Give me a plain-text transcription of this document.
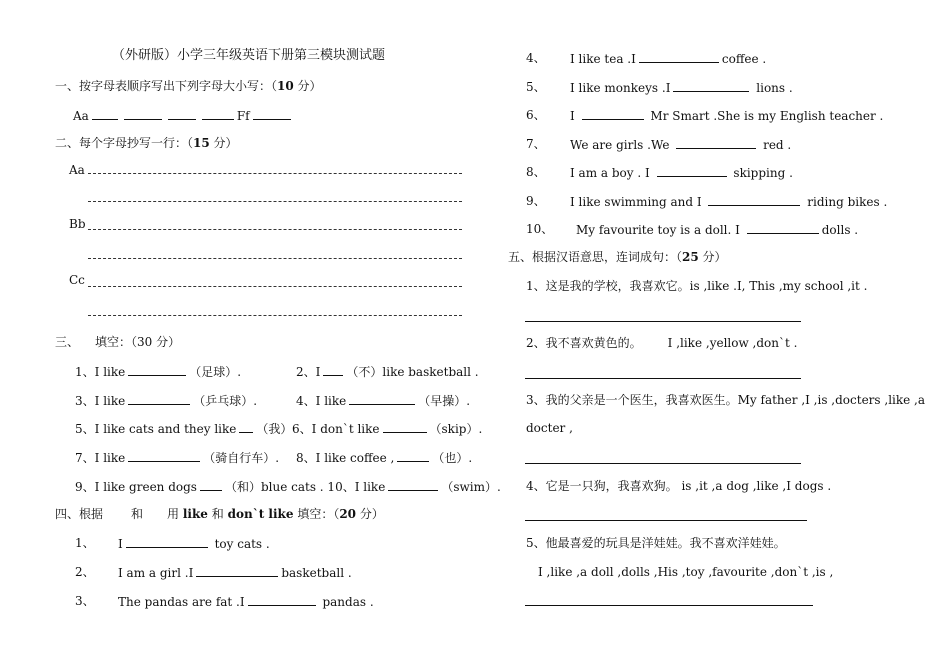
（外研版）小学三年级英语下册第三模块测试题
一、按字母表顺序写出下列字母大小写：（10 分）
Aa	Ff
二、每个字母抄写一行：（15 分）
Aa
Bb
Cc
三、 填空：（30 分）
1、I like	（足球）.	2、I （不）like basketball .
3、I like	（乒乓球）.	4、I like	（早操）.
5、I like cats and they like （我） 6、I don`t like	（skip）.
7、I like	（骑自行车）. 8、I like coffee ,	（也）.
9、I like green dogs （和）blue cats . 10、I like	（swim）.
四、根据 和 用 like 和 don`t like 填空：（20 分）
1、 I	toy cats .
2、 I am a girl .I	basketball .
3、 The pandas are fat .I	pandas .
4、 I like tea .I	coffee .
5、 I like monkeys .I	lions .
6、 I	Mr Smart .She is my English teacher .
7、 We are girls .We	red .
8、 I am a boy . I	skipping .
9、 I like swimming and I	riding bikes .
10、 My favourite toy is a doll. I	dolls .
五、根据汉语意思，连词成句：（25 分）
1、这是我的学校，我喜欢它。is ,like .I, This ,my school ,it .
2、我不喜欢黄色的。 I ,like ,yellow ,don`t .
3、我的父亲是一个医生，我喜欢医生。My father ,I ,is ,docters ,like ,a
docter ,
4、它是一只狗，我喜欢狗。 is ,it ,a dog ,like ,I dogs .
5、他最喜爱的玩具是洋娃娃。我不喜欢洋娃娃。
I ,like ,a doll ,dolls ,His ,toy ,favourite ,don`t ,is ,
